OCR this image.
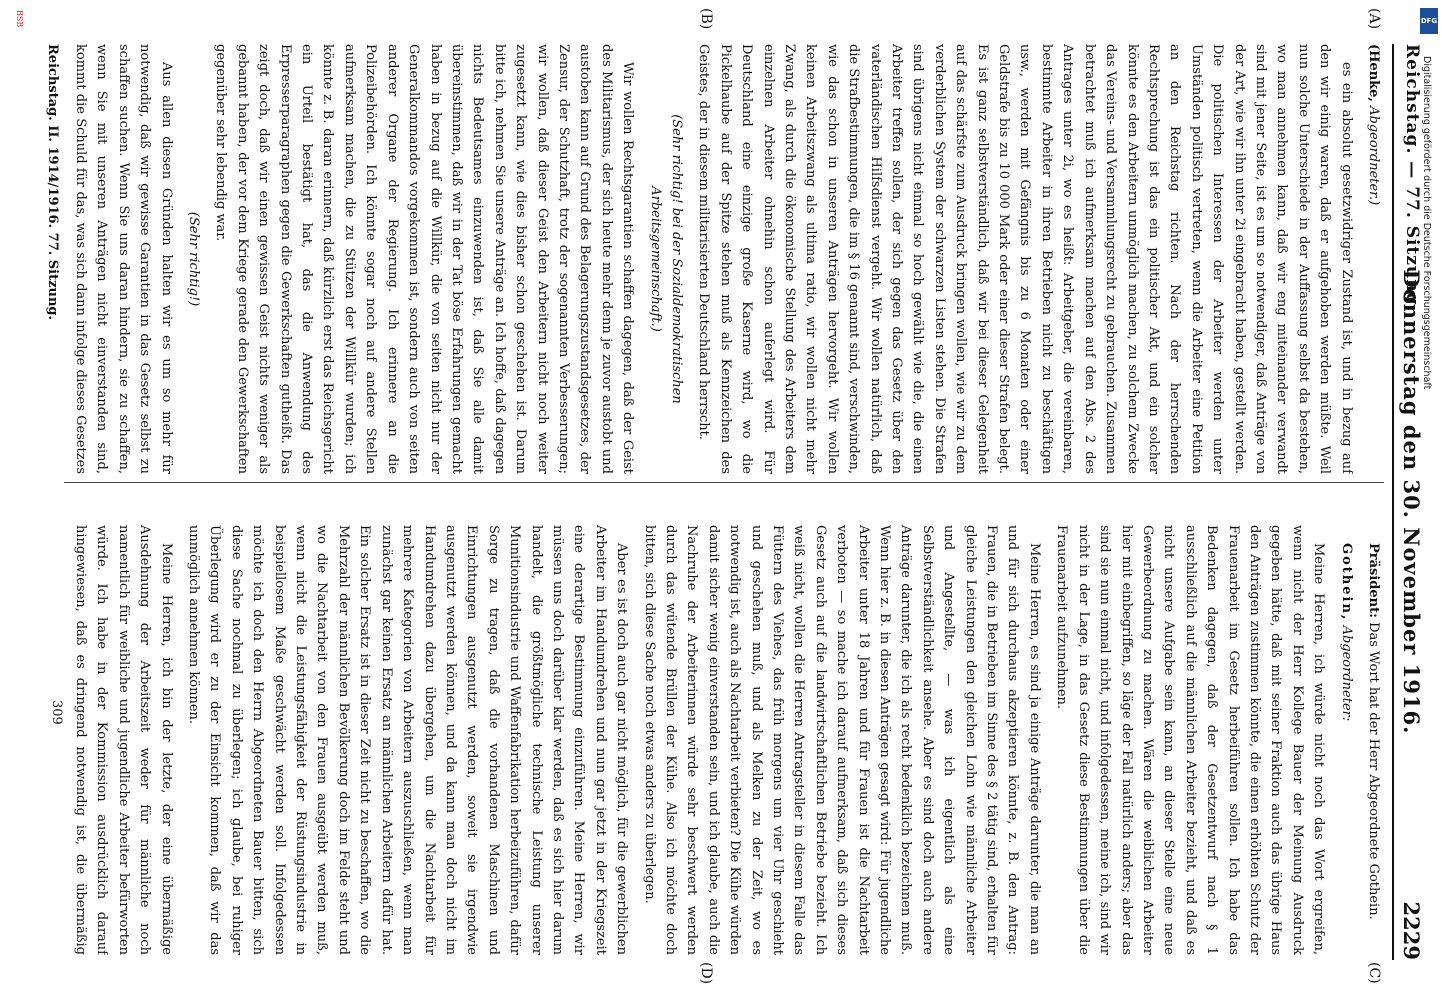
Reichstag. — 77. Sitzung.
Donnerstag den 30. November 1916.
2229
(A)
(B)
(C)
(D)

(Henke, Abgeordneter.)

es ein absolut gesetzwidriger Zustand ist, und in bezug auf den wir einig waren, daß er aufgehoben werden müßte. Weil nun solche Unterschiede in der Auffassung selbst da bestehen, wo man annehmen kann, daß wir eng miteinander verwandt sind mit jener Seite, ist es um so notwendiger, daß Anträge von der Art, wie wir ihn unter 2i eingebracht haben, gestellt werden. Die politischen Interessen der Arbeiter werden unter Umständen politisch vertreten, wenn die Arbeiter eine Petition an den Reichstag richten. Nach der herrschenden Rechtsprechung ist das ein politischer Akt, und ein solcher könnte es den Arbeitern unmöglich machen, zu solchem Zwecke das Vereins- und Versammlungsrecht zu gebrauchen. Zusammen betrachtet muß ich aufmerksam machen auf den Abs. 2 des Antrages unter 2i, wo es heißt: Arbeitgeber, die vereinbaren, bestimmte Arbeiter in ihren Betrieben nicht zu beschäftigen usw., werden mit Gefängnis bis zu 6 Monaten oder einer Geldstrafe bis zu 10 000 Mark oder einer dieser Strafen belegt. Es ist ganz selbstverständlich, daß wir bei dieser Gelegenheit auf das schärfste zum Ausdruck bringen wollen, wie wir zu dem verderblichen System der schwarzen Listen stehen. Die Strafen sind übrigens nicht einmal so hoch gewählt wie die, die einen Arbeiter treffen sollen, der sich gegen das Gesetz über den vaterländischen Hilfsdienst vergeht. Wir wollen natürlich, daß die Strafbestimmungen, die im § 16 genannt sind, verschwinden, wie das schon in unseren Anträgen hervorgeht. Wir wollen keinen Arbeitszwang als ultima ratio, wir wollen nicht mehr Zwang, als durch die ökonomische Stellung des Arbeiters dem einzelnen Arbeiter ohnehin schon auferlegt wird. Für Deutschland eine einzige große Kaserne wird, wo die Pickelhaube auf der Spitze stehen muß als Kennzeichen des Geistes, der in diesem militarisierten Deutschland herrscht.

(Sehr richtig! bei der Sozialdemokratischen Arbeitsgemeinschaft.)

Wir wollen Rechtsgarantien schaffen dagegen, daß der Geist des Militarismus, der sich heute mehr denn je zuvor austobt und austoben kann auf Grund des Belagerungszustandsgesetzes, der Zensur, der Schutzhaft, trotz der sogenannten Verbesserungen; wir wollen, daß dieser Geist den Arbeitern nicht noch weiter zugesetzt kann, wie dies bisher schon geschehen ist. Darum bitte ich, nehmen Sie unsere Anträge an. Ich hoffe, daß dagegen nichts Bedeutsames einzuwenden ist, daß Sie alle damit übereinstimmen, daß wir in der Tat böse Erfahrungen gemacht haben in bezug auf die Willkür, die von seiten nicht nur der Generalkommandos vorgekommen ist, sondern auch von seiten anderer Organe der Regierung. Ich erinnere an die Polizeibehörden. Ich könnte sogar noch auf andere Stellen aufmerksam machen, die zu Stützen der Willkür wurden; ich könnte z. B. daran erinnern, daß kürzlich erst das Reichsgericht ein Urteil bestätigt hat, das die Anwendung des Erpresserparagraphen gegen die Gewerkschaften gutheißt. Das zeigt doch, daß wir einen gewissen Geist nichts weniger als gebannt haben, der vor dem Kriege gerade den Gewerkschaften gegenüber sehr lebendig war.

(Sehr richtig!)

Aus allen diesen Gründen halten wir es um so mehr für notwendig, daß wir gewisse Garantien in das Gesetz selbst zu schaffen suchen. Wenn Sie uns daran hindern, sie zu schaffen, wenn Sie mit unseren Anträgen nicht einverstanden sind, kommt die Schuld für das, was sich dann infolge dieses Gesetzes

Präsident: Das Wort hat der Herr Abgeordnete Gothein.

Gothein, Abgeordneter:

Meine Herren, ich würde nicht noch das Wort ergreifen, wenn nicht der Herr Kollege Bauer der Meinung Ausdruck gegeben hätte, daß mit seiner Fraktion auch das übrige Haus den Anträgen zustimmen könnte, die einen erhöhten Schutz der Frauenarbeit im Gesetz herbeiführen sollen. Ich habe das Bedenken dagegen, daß der Gesetzentwurf nach § 1 ausschließlich auf die männlichen Arbeiter bezieht, und daß es nicht unsere Aufgabe sein kann, an dieser Stelle eine neue Gewerbeordnung zu machen. Wären die weiblichen Arbeiter hier mit einbegriffen, so läge der Fall natürlich anders; aber das sind sie nun einmal nicht, und infolgedessen, meine ich, sind wir nicht in der Lage, in das Gesetz diese Bestimmungen über die Frauenarbeit aufzunehmen.

Meine Herren, es sind ja einige Anträge darunter, die man an und für sich durchaus akzeptieren könnte, z. B. den Antrag: Frauen, die in Betrieben im Sinne des § 2 tätig sind, erhalten für gleiche Leistungen den gleichen Lohn wie männliche Arbeiter und Angestellte, — was ich eigentlich als eine Selbstverständlichkeit ansehe. Aber es sind doch auch andere Anträge darunter, die ich als recht bedenklich bezeichnen muß. Wenn hier z. B. in diesen Anträgen gesagt wird: Für jugendliche Arbeiter unter 18 Jahren und für Frauen ist die Nachtarbeit verboten — so mache ich darauf aufmerksam, daß sich dieses Gesetz auch auf die landwirtschaftlichen Betriebe bezieht. Ich weiß nicht, wollen die Herren Antragsteller in diesem Falle das Füttern des Viehes, das früh morgens um vier Uhr geschieht und geschehen muß, und als Melken zu der Zeit, wo es notwendig ist, auch als Nachtarbeit verbieten? Die Kühe würden damit sicher wenig einverstanden sein, und ich glaube, auch die Nachruhe der Arbeiterinnen würde sehr beschwert werden durch das wütende Brüllen der Kühe. Also ich möchte doch bitten, sich diese Sache noch etwas anders zu überlegen.

Aber es ist doch auch gar nicht möglich, für die gewerblichen Arbeiter im Handumdrehen und nun gar jetzt in der Kriegszeit eine derartige Bestimmung einzuführen. Meine Herren, wir müssen uns doch darüber klar werden, daß es sich hier darum handelt, die größtmögliche technische Leistung unserer Munitionsindustrie und Waffenfabrikation herbeizuführen, dafür Sorge zu tragen, daß die vorhandenen Maschinen und Einrichtungen ausgenutzt werden, soweit sie irgendwie ausgenutzt werden können, und da kann man doch nicht im Handumdrehen dazu übergehen, um die Nachtarbeit für mehrere Kategorien von Arbeitern auszuschließen, wenn man zunächst gar keinen Ersatz an männlichen Arbeitern dafür hat. Ein solcher Ersatz ist in dieser Zeit nicht zu beschaffen, wo die Mehrzahl der männlichen Bevölkerung doch im Felde steht und wo die Nachtarbeit von den Frauen ausgeübt werden muß, wenn nicht die Leistungsfähigkeit der Rüstungsindustrie in beispiellosem Maße geschwächt werden soll. Infolgedessen möchte ich doch den Herrn Abgeordneten Bauer bitten, sich diese Sache nochmal zu überlegen; ich glaube, bei ruhiger Überlegung wird er zu der Einsicht kommen, daß wir das unmöglich annehmen können.

Meine Herren, ich bin der letzte, der eine übermäßige Ausdehnung der Arbeitszeit weder für männliche noch namentlich für weibliche und jugendliche Arbeiter befürworten würde. Ich habe in der Kommission ausdrücklich darauf hingewiesen, daß es dringend notwendig ist, die übermäßig

Reichstag. II. 1914/1916. 77. Sitzung.
309
BSB	DFG
Digitalisierung gefördert durch die Deutsche Forschungsgemeinschaft
